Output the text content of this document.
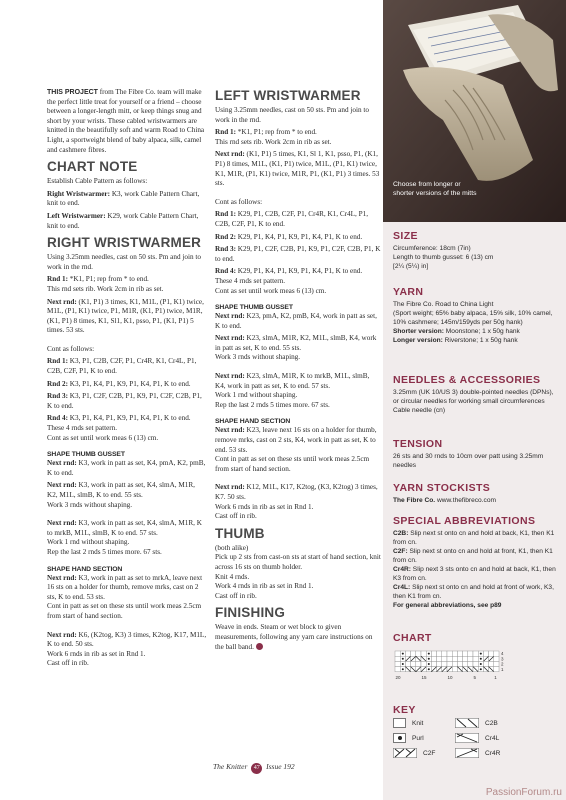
THIS PROJECT from The Fibre Co. team will make the perfect little treat for yourself or a friend – choose between a longer-length mitt, or keep things snug and short by your wrists. These cabled wristwarmers are knitted in the beautifully soft and warm Road to China Light, a sportweight blend of baby alpaca, silk, camel and cashmere fibres.

CHART NOTE

Establish Cable Pattern as follows:

Right Wristwarmer: K3, work Cable Pattern Chart, knit to end.

Left Wristwarmer: K29, work Cable Pattern Chart, knit to end.

RIGHT WRISTWARMER

Using 3.25mm needles, cast on 50 sts. Pm and join to work in the rnd.

Rnd 1: *K1, P1; rep from * to end.
This rnd sets rib. Work 2cm in rib as set.

Next rnd: (K1, P1) 3 times, K1, M1L, (P1, K1) twice, M1L, (P1, K1) twice, P1, M1R, (K1, P1) twice, M1R, (K1, P1) 8 times, K1, Sl1, K1, psso, P1, (K1, P1) 5 times. 53 sts.

Cont as follows:

Rnd 1: K3, P1, C2B, C2F, P1, Cr4R, K1, Cr4L, P1, C2B, C2F, P1, K to end.

Rnd 2: K3, P1, K4, P1, K9, P1, K4, P1, K to end.

Rnd 3: K3, P1, C2F, C2B, P1, K9, P1, C2F, C2B, P1, K to end.

Rnd 4: K3, P1, K4, P1, K9, P1, K4, P1, K to end.
These 4 rnds set pattern.
Cont as set until work meas 6 (13) cm.

SHAPE THUMB GUSSET

Next rnd: K3, work in patt as set, K4, pmA, K2, pmB, K to end.

Next rnd: K3, work in patt as set, K4, slmA, M1R, K2, M1L, slmB, K to end. 55 sts.
Work 3 rnds without shaping.

Next rnd: K3, work in patt as set, K4, slmA, M1R, K to mrkB, M1L, slmB, K to end. 57 sts.
Work 1 rnd without shaping.
Rep the last 2 rnds 5 times more. 67 sts.

SHAPE HAND SECTION

Next rnd: K3, work in patt as set to mrkA, leave next 16 sts on a holder for thumb, remove mrks, cast on 2 sts, K to end. 53 sts.
Cont in patt as set on these sts until work meas 2.5cm from start of hand section.

Next rnd: K6, (K2tog, K3) 3 times, K2tog, K17, M1L, K to end. 50 sts.
Work 6 rnds in rib as set in Rnd 1.
Cast off in rib.

LEFT WRISTWARMER

Using 3.25mm needles, cast on 50 sts. Pm and join to work in the rnd.

Rnd 1: *K1, P1; rep from * to end.
This rnd sets rib. Work 2cm in rib as set.

Next rnd: (K1, P1) 5 times, K1, Sl 1, K1, psso, P1, (K1, P1) 8 times, M1L, (K1, P1) twice, M1L, (P1, K1) twice, K1, M1R, (P1, K1) twice, M1R, P1, (K1, P1) 3 times. 53 sts.

Cont as follows:

Rnd 1: K29, P1, C2B, C2F, P1, Cr4R, K1, Cr4L, P1, C2B, C2F, P1, K to end.

Rnd 2: K29, P1, K4, P1, K9, P1, K4, P1, K to end.

Rnd 3: K29, P1, C2F, C2B, P1, K9, P1, C2F, C2B, P1, K to end.

Rnd 4: K29, P1, K4, P1, K9, P1, K4, P1, K to end.
These 4 rnds set pattern.
Cont as set until work meas 6 (13) cm.

SHAPE THUMB GUSSET

Next rnd: K23, pmA, K2, pmB, K4, work in patt as set, K to end.

Next rnd: K23, slmA, M1R, K2, M1L, slmB, K4, work in patt as set, K to end. 55 sts.
Work 3 rnds without shaping.

Next rnd: K23, slmA, M1R, K to mrkB, M1L, slmB, K4, work in patt as set, K to end. 57 sts.
Work 1 rnd without shaping.
Rep the last 2 rnds 5 times more. 67 sts.

SHAPE HAND SECTION

Next rnd: K23, leave next 16 sts on a holder for thumb, remove mrks, cast on 2 sts, K4, work in patt as set, K to end. 53 sts.
Cont in patt as set on these sts until work meas 2.5cm from start of hand section.

Next rnd: K12, M1L, K17, K2tog, (K3, K2tog) 3 times, K7. 50 sts.
Work 6 rnds in rib as set in Rnd 1.
Cast off in rib.

THUMB

(both alike)
Pick up 2 sts from cast-on sts at start of hand section, knit across 16 sts on thumb holder.
Knit 4 rnds.
Work 4 rnds in rib as set in Rnd 1.
Cast off in rib.

FINISHING

Weave in ends. Steam or wet block to given measurements, following any yarn care instructions on the ball band.

Choose from longer or shorter versions of the mitts
SIZE

Circumference: 18cm (7in)

Length to thumb gusset: 6 (13) cm

[2¼ (5¼) in]

YARN

The Fibre Co. Road to China Light

(Sport weight; 65% baby alpaca, 15% silk, 10% camel, 10% cashmere; 145m/159yds per 50g hank)

Shorter version: Moonstone; 1 x 50g hank

Longer version: Riverstone; 1 x 50g hank

NEEDLES & ACCESSORIES

3.25mm (UK 10/US 3) double-pointed needles (DPNs), or circular needles for working small circumferences

Cable needle (cn)

TENSION

26 sts and 30 rnds to 10cm over patt using 3.25mm needles

YARN STOCKISTS

The Fibre Co. www.thefibreco.com

SPECIAL ABBREVIATIONS

C2B: Slip next st onto cn and hold at back, K1, then K1 from cn.

C2F: Slip next st onto cn and hold at front, K1, then K1 from cn.

Cr4R: Slip next 3 sts onto cn and hold at back, K1, then K3 from cn.

Cr4L: Slip next st onto cn and hold at front of work, K3, then K1 from cn.

For general abbreviations, see p89

CHART
4
3
2
1
20	15	10	5	1
KEY
Knit
Purl
C2F
C2B
Cr4L
Cr4R
The Knitter 47 Issue 192
PassionForum.ru
